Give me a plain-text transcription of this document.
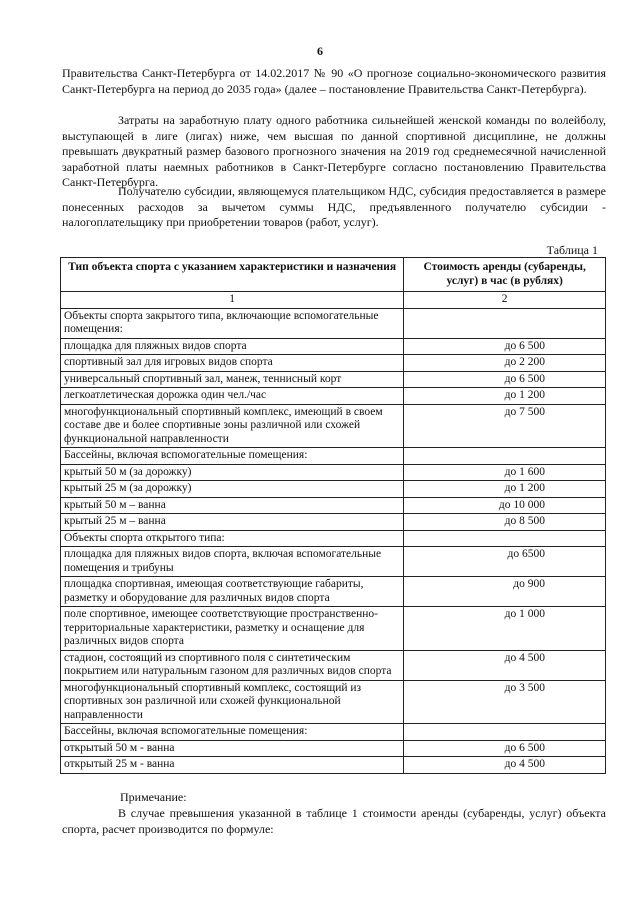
6

Правительства Санкт-Петербурга от 14.02.2017 № 90 «О прогнозе социально-экономического развития Санкт-Петербурга на период до 2035 года» (далее – постановление Правительства Санкт-Петербурга).

Затраты на заработную плату одного работника сильнейшей женской команды по волейболу, выступающей в лиге (лигах) ниже, чем высшая по данной спортивной дисциплине, не должны превышать двукратный размер базового прогнозного значения на 2019 год среднемесячной начисленной заработной платы наемных работников в Санкт-Петербурге согласно постановлению Правительства Санкт-Петербурга.

Получателю субсидии, являющемуся плательщиком НДС, субсидия предоставляется в размере понесенных расходов за вычетом суммы НДС, предъявленного получателю субсидии - налогоплательщику при приобретении товаров (работ, услуг).

Таблица 1
Тип объекта спорта с указанием характеристики и назначения	Стоимость аренды (субаренды, услуг) в час (в рублях)
1	2
Объекты спорта закрытого типа, включающие вспомогательные помещения:	
площадка для пляжных видов спорта	до 6 500
спортивный зал для игровых видов спорта	до 2 200
универсальный спортивный зал, манеж, теннисный корт	до 6 500
легкоатлетическая дорожка один чел./час	до 1 200
многофункциональный спортивный комплекс, имеющий в своем составе две и более спортивные зоны различной или схожей функциональной направленности	до 7 500
Бассейны, включая вспомогательные помещения:	
крытый 50 м (за дорожку)	до 1 600
крытый 25 м (за дорожку)	до 1 200
крытый 50 м – ванна	до 10 000
крытый 25 м – ванна	до 8 500
Объекты спорта открытого типа:	
площадка для пляжных видов спорта, включая вспомогательные помещения и трибуны	до 6500
площадка спортивная, имеющая соответствующие габариты, разметку и оборудование для различных видов спорта	до 900
поле спортивное, имеющее соответствующие пространственно-территориальные характеристики, разметку и оснащение для различных видов спорта	до 1 000
стадион, состоящий из спортивного поля с синтетическим покрытием или натуральным газоном для различных видов спорта	до 4 500
многофункциональный спортивный комплекс, состоящий из спортивных зон различной или схожей функциональной направленности	до 3 500
Бассейны, включая вспомогательные помещения:	
открытый 50 м - ванна	до 6 500
открытый 25 м - ванна	до 4 500
Примечание:

В случае превышения указанной в таблице 1 стоимости аренды (субаренды, услуг) объекта спорта, расчет производится по формуле:
